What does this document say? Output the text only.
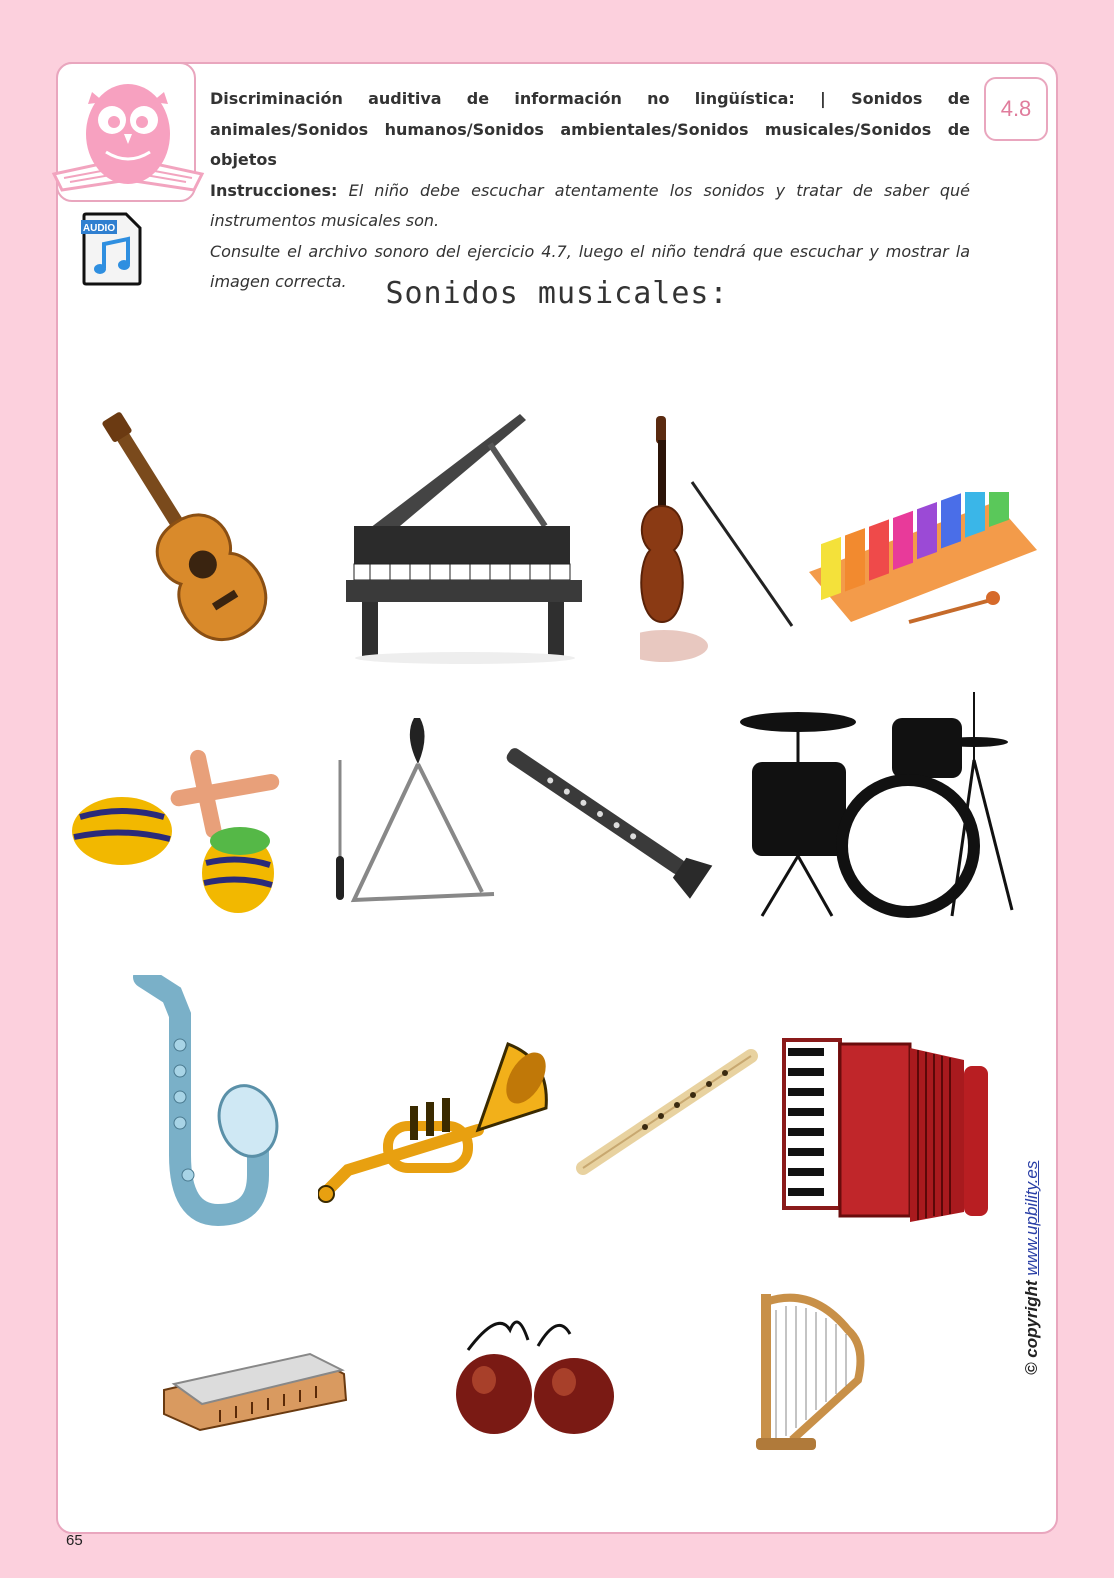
AUDIO
4.8
Discriminación auditiva de información no lingüística: | Sonidos de animales/Sonidos humanos/Sonidos ambientales/Sonidos musicales/Sonidos de objetos
Instrucciones: El niño debe escuchar atentamente los sonidos y tratar de saber qué instrumentos musicales son.
Consulte el archivo sonoro del ejercicio 4.7, luego el niño tendrá que escuchar y mostrar la imagen correcta.	Sonidos musicales:
© copyright www.upbility.es
65
